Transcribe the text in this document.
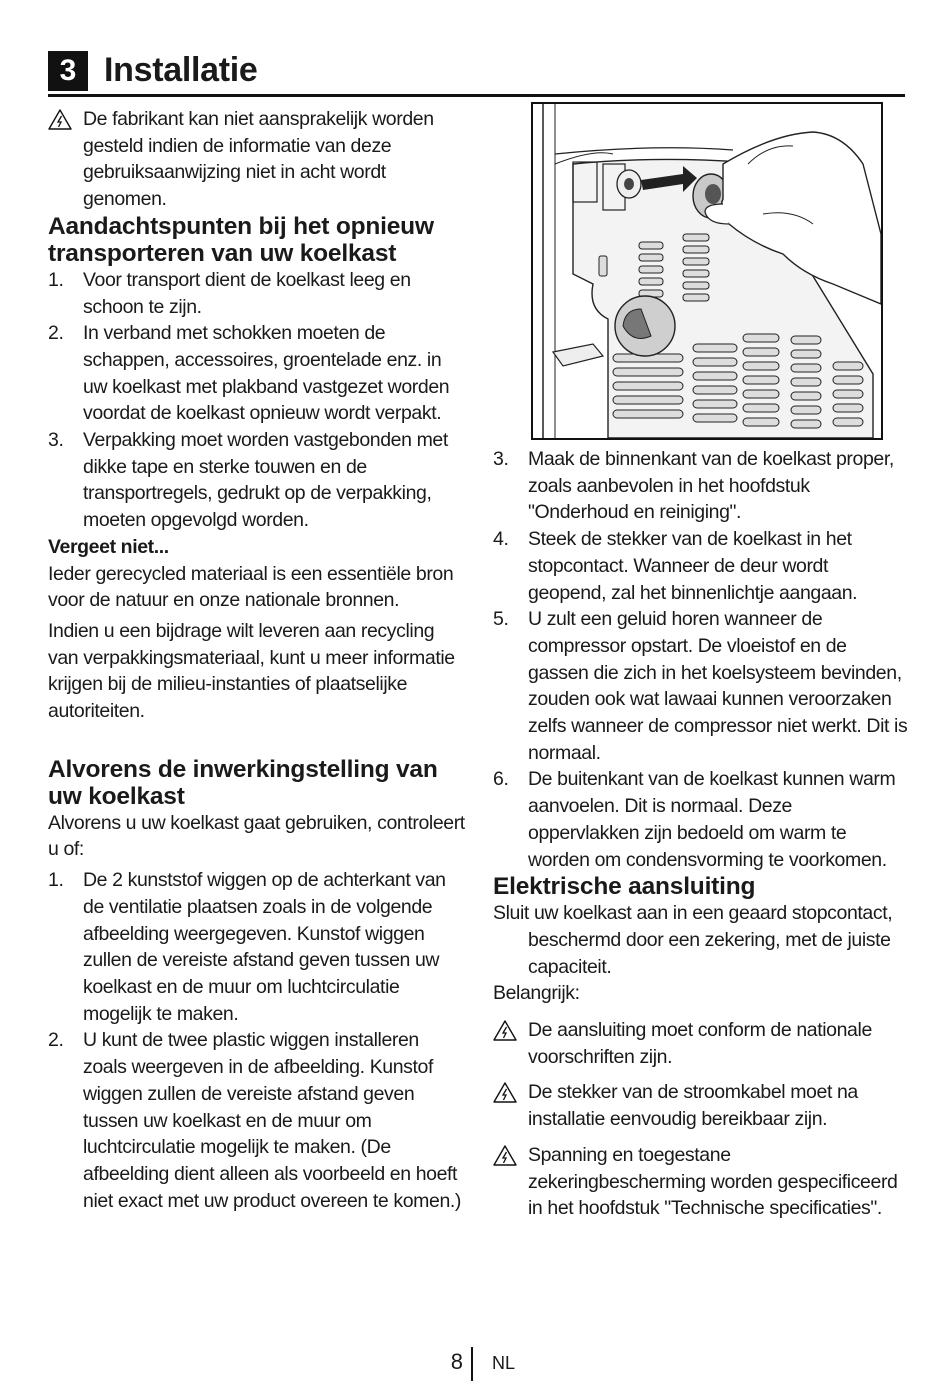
3 Installatie
De fabrikant kan niet aansprakelijk worden gesteld indien de informatie van deze gebruiksaanwijzing niet in acht wordt genomen.
Aandachtspunten bij het opnieuw transporteren van uw koelkast
1. Voor transport dient de koelkast leeg en schoon te zijn.
2. In verband met schokken moeten de schappen, accessoires, groentelade enz. in uw koelkast met plakband vastgezet worden voordat de koelkast opnieuw wordt verpakt.
3. Verpakking moet worden vastgebonden met dikke tape en sterke touwen en de transportregels, gedrukt op de verpakking, moeten opgevolgd worden.

Vergeet niet...

Ieder gerecycled materiaal is een essentiële bron voor de natuur en onze nationale bronnen.

Indien u een bijdrage wilt leveren aan recycling van verpakkingsmateriaal, kunt u meer informatie krijgen bij de milieu-instanties of plaatselijke autoriteiten.

Alvorens de inwerkingstelling van uw koelkast

Alvorens u uw koelkast gaat gebruiken, controleert u of:

1. De 2 kunststof wiggen op de achterkant van de ventilatie plaatsen zoals in de volgende afbeelding weergegeven. Kunstof wiggen zullen de vereiste afstand geven tussen uw koelkast en de muur om luchtcirculatie mogelijk te maken.
2. U kunt de twee plastic wiggen installeren zoals weergeven in de afbeelding. Kunstof wiggen zullen de vereiste afstand geven tussen uw koelkast en de muur om luchtcirculatie mogelijk te maken. (De afbeelding dient alleen als voorbeeld en hoeft niet exact met uw product overeen te komen.)
3. Maak de binnenkant van de koelkast proper, zoals aanbevolen in het hoofdstuk "Onderhoud en reiniging".
4. Steek de stekker van de koelkast in het stopcontact. Wanneer de deur wordt geopend, zal het binnenlichtje aangaan.
5. U zult een geluid horen wanneer de compressor opstart. De vloeistof en de gassen die zich in het koelsysteem bevinden, zouden ook wat lawaai kunnen veroorzaken zelfs wanneer de compressor niet werkt. Dit is normaal.
6. De buitenkant van de koelkast kunnen warm aanvoelen. Dit is normaal. Deze oppervlakken zijn bedoeld om warm te worden om condensvorming te voorkomen.
Elektrische aansluiting

Sluit uw koelkast aan in een geaard stopcontact, beschermd door een zekering, met de juiste capaciteit.

Belangrijk:

De aansluiting moet conform de nationale voorschriften zijn.
De stekker van de stroomkabel moet na installatie eenvoudig bereikbaar zijn.
Spanning en toegestane zekeringbescherming worden gespecificeerd in het hoofdstuk "Technische specificaties".
8 NL
